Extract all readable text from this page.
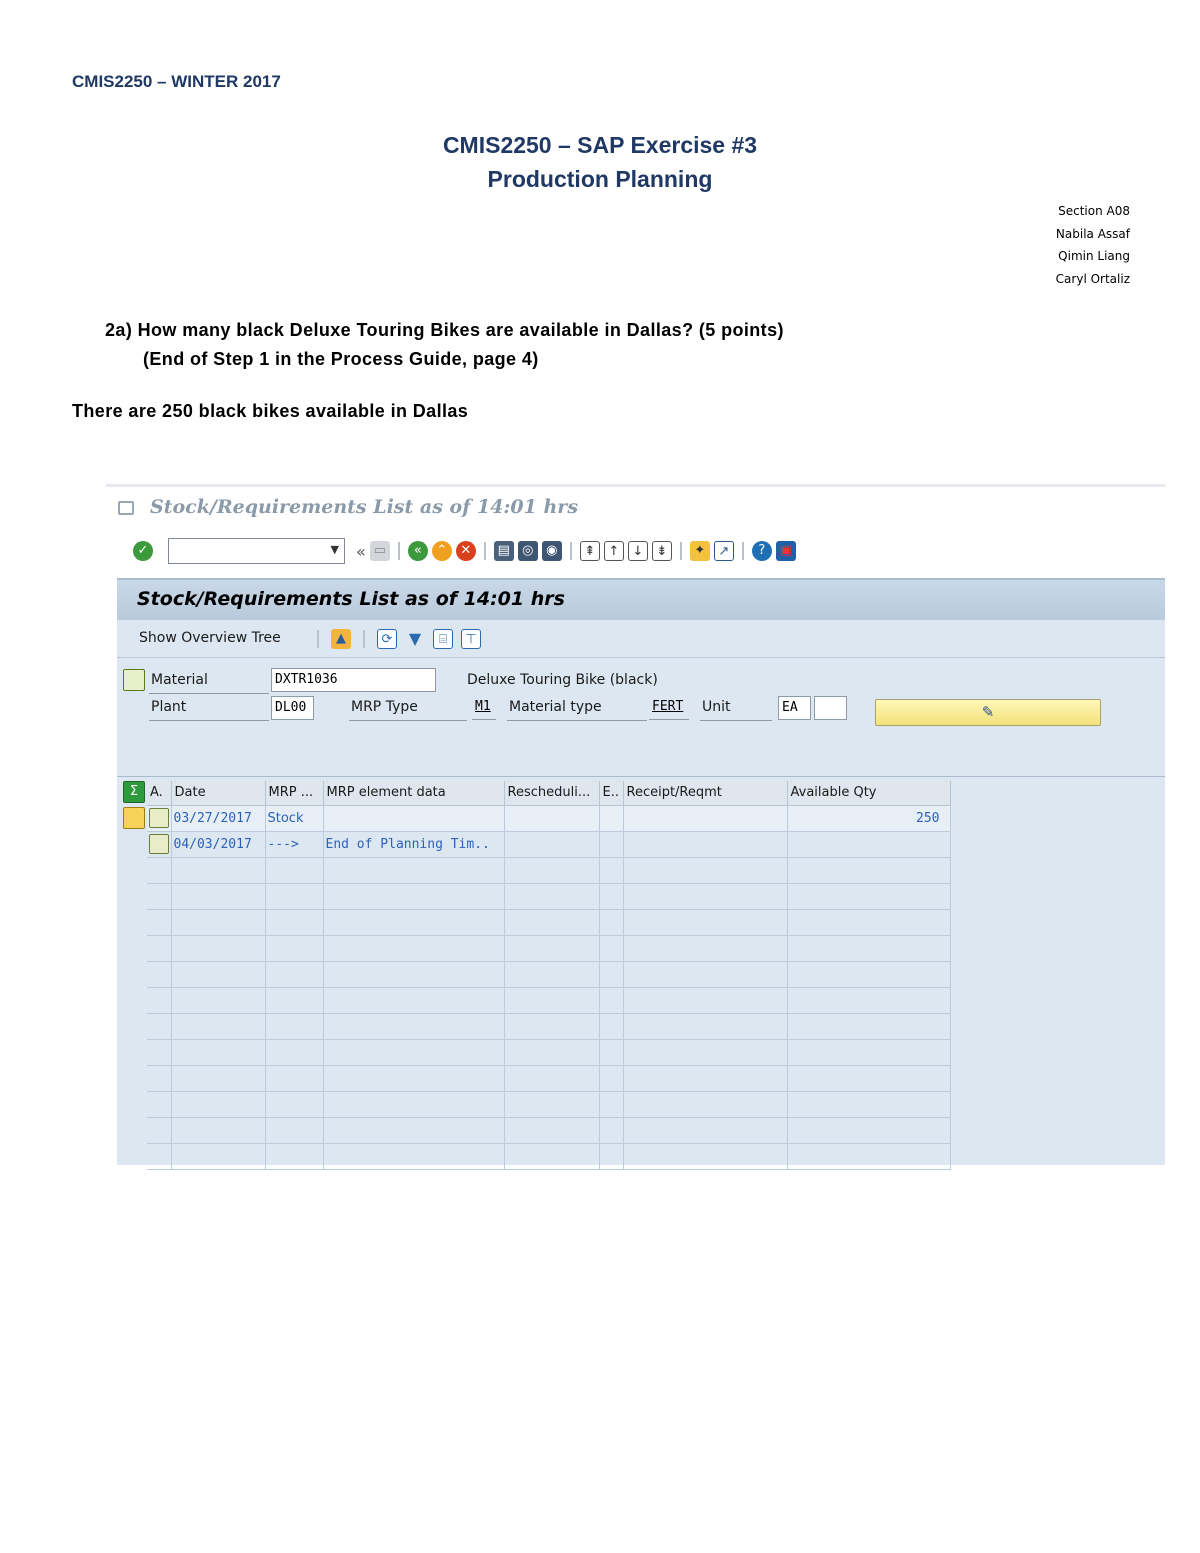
CMIS2250 – WINTER 2017
CMIS2250 – SAP Exercise #3
Production Planning
Section A08
Nabila Assaf
Qimin Liang
Caryl Ortaliz
2a) How many black Deluxe Touring Bikes are available in Dallas? (5 points)
(End of Step 1 in the Process Guide, page 4)
There are 250 black bikes available in Dallas
Stock/Requirements List as of 14:01 hrs
✓	▼ « ▭	«	⌃	✕	▤ ◎ ◉	⇞	↑	↓	⇟	✦	↗	?	▣
Stock/Requirements List as of 14:01 hrs
Show Overview Tree	▲	⟳ ▼	⌸	⊤
Material	DXTR1036	Deluxe Touring Bike (black)
Plant	DL00	MRP Type	M1	Material type	FERT	Unit	EA	✎
Σ A.	Date	MRP ...	MRP element data	Rescheduli...	E..	Receipt/Reqmt	Available Qty
	03/27/2017	Stock					250
	04/03/2017	--->	End of Planning Tim..				
